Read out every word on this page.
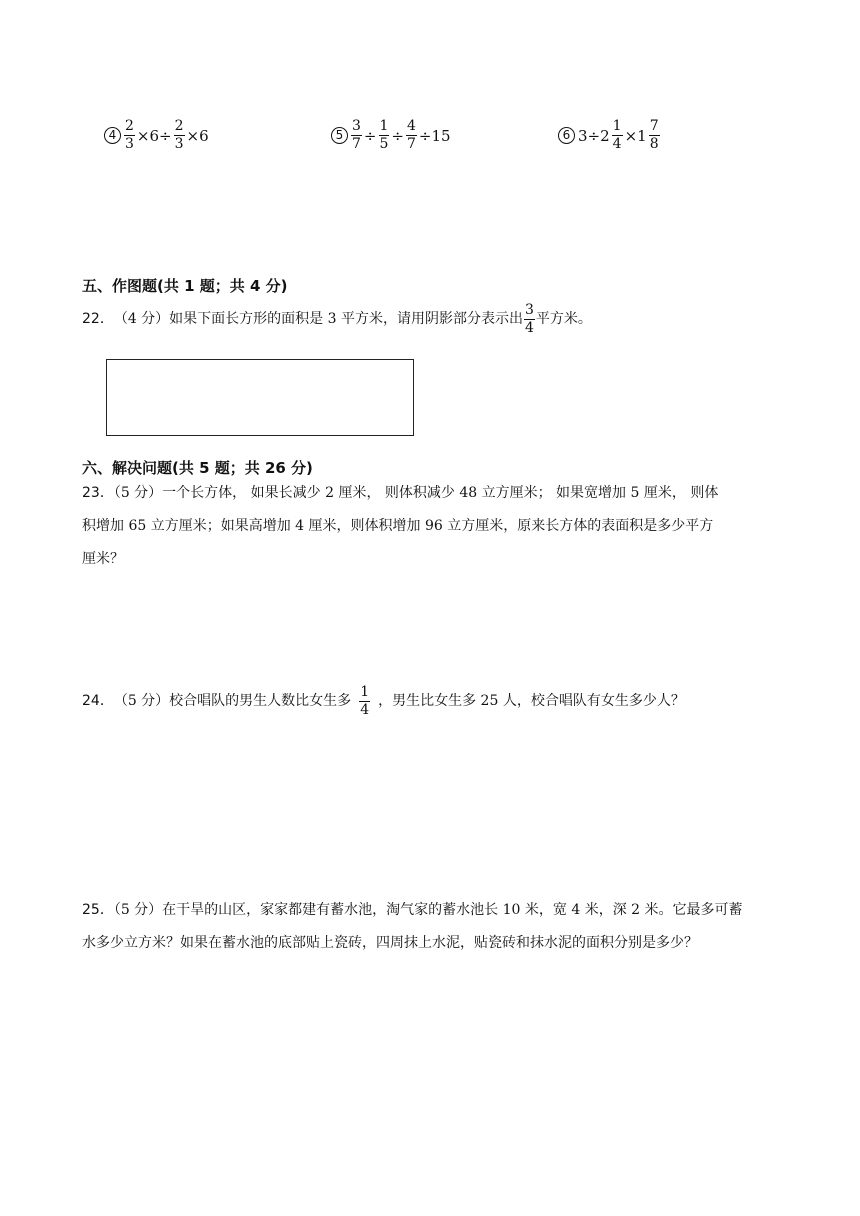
$4 \frac{2}{3} \times 6\div \frac{2}{3} \times 6$	$5 \frac{3}{7} \div \frac{1}{5} \div \frac{4}{7} \div 15$	6 $3\div 2 \frac{1}{4} \times 1 \frac{7}{8}$
五、作图题(共 1 题；共 4 分)
22． （4 分）如果下面长方形的面积是 3 平方米，请用阴影部分表示出 $\frac{3}{4}$ 平方米。
六、解决问题(共 5 题；共 26 分)
23．（5 分）一个长方体， 如果长减少 2 厘米， 则体积减少 48 立方厘米； 如果宽增加 5 厘米， 则体
积增加 65 立方厘米；如果高增加 4 厘米，则体积增加 96 立方厘米，原来长方体的表面积是多少平方
厘米？
24． （5 分）校合唱队的男生人数比女生多 $\frac{1}{4}$ ，男生比女生多 25 人，校合唱队有女生多少人？
25．（5 分）在干旱的山区，家家都建有蓄水池，淘气家的蓄水池长 10 米，宽 4 米，深 2 米。它最多可蓄
水多少立方米？如果在蓄水池的底部贴上瓷砖，四周抹上水泥，贴瓷砖和抹水泥的面积分别是多少？
